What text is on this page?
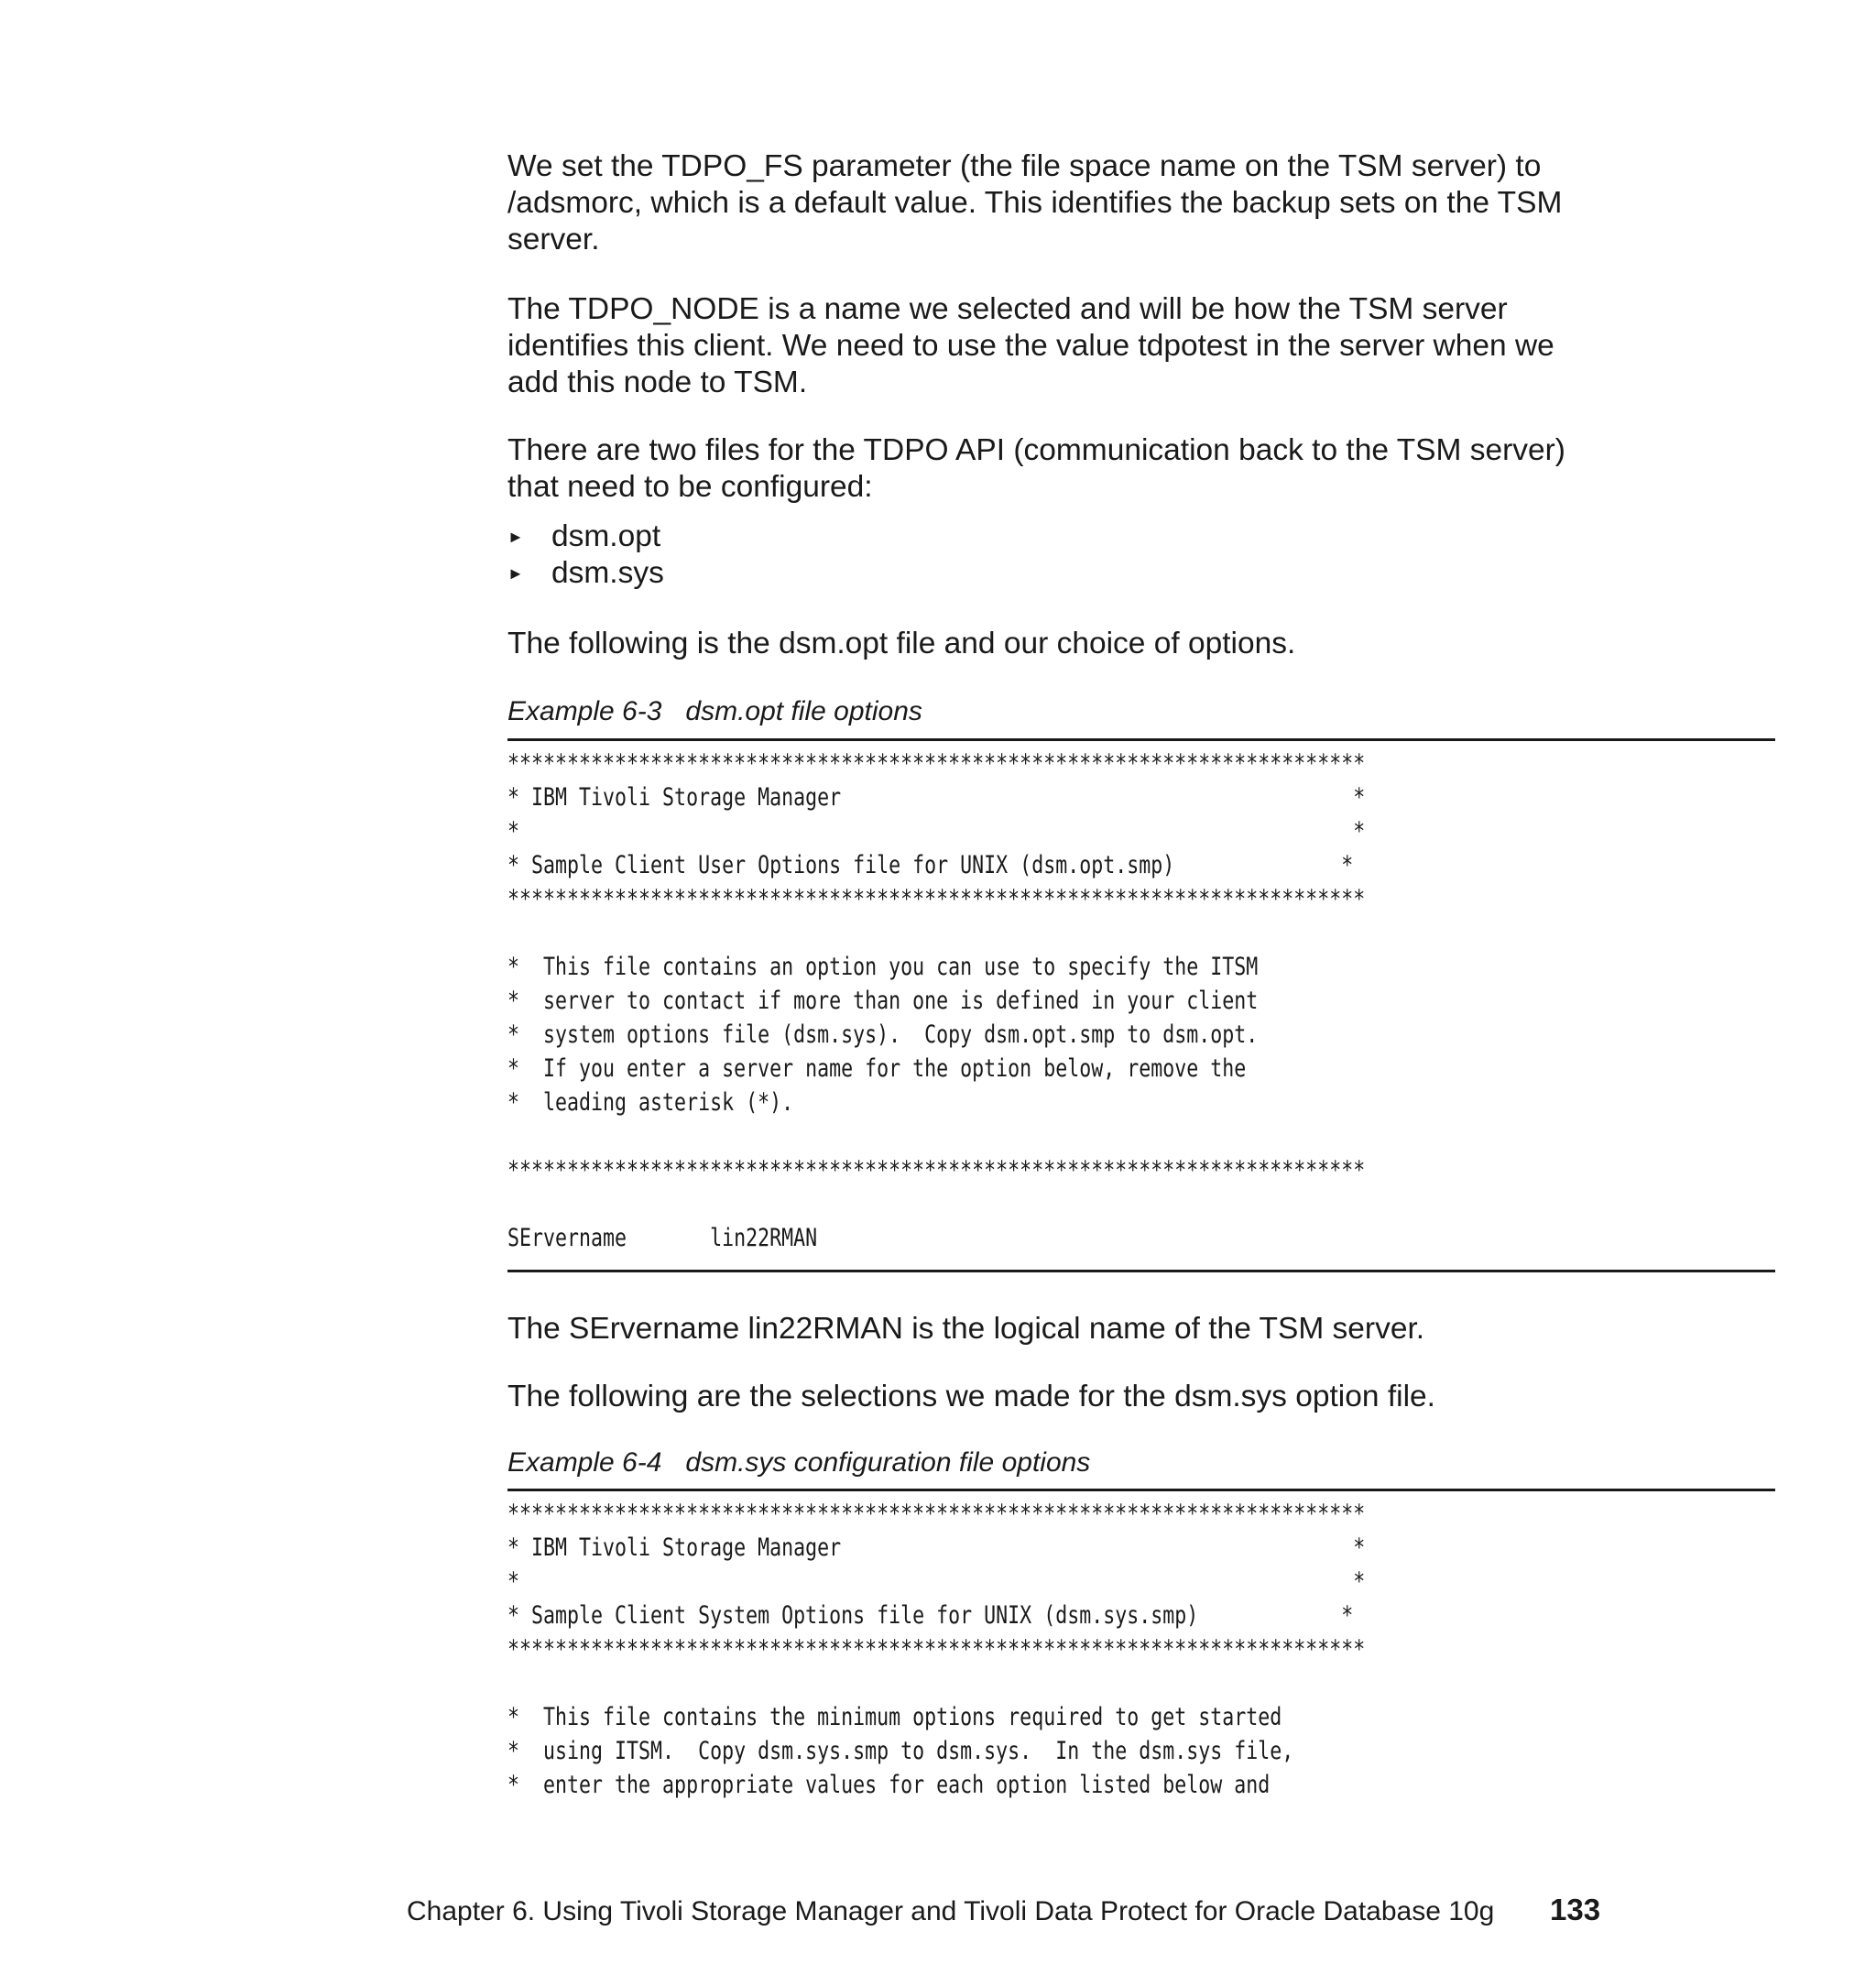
We set the TDPO_FS parameter (the file space name on the TSM server) to
/adsmorc, which is a default value. This identifies the backup sets on the TSM
server.

The TDPO_NODE is a name we selected and will be how the TSM server
identifies this client. We need to use the value tdpotest in the server when we
add this node to TSM.

There are two files for the TDPO API (communication back to the TSM server)
that need to be configured:

► dsm.opt
► dsm.sys

The following is the dsm.opt file and our choice of options.

Example 6-3 dsm.opt file options

************************************************************************
* IBM Tivoli Storage Manager                                           *
*                                                                      *
* Sample Client User Options file for UNIX (dsm.opt.smp)              *
************************************************************************
*  This file contains an option you can use to specify the ITSM
*  server to contact if more than one is defined in your client
*  system options file (dsm.sys).  Copy dsm.opt.smp to dsm.opt.
*  If you enter a server name for the option below, remove the
*  leading asterisk (*).
************************************************************************
SErvername       lin22RMAN

The SErvername lin22RMAN is the logical name of the TSM server.

The following are the selections we made for the dsm.sys option file.

Example 6-4 dsm.sys configuration file options

************************************************************************
* IBM Tivoli Storage Manager                                           *
*                                                                      *
* Sample Client System Options file for UNIX (dsm.sys.smp)            *
************************************************************************
*  This file contains the minimum options required to get started
*  using ITSM.  Copy dsm.sys.smp to dsm.sys.  In the dsm.sys file,
*  enter the appropriate values for each option listed below and
Chapter 6. Using Tivoli Storage Manager and Tivoli Data Protect for Oracle Database 10g 133
